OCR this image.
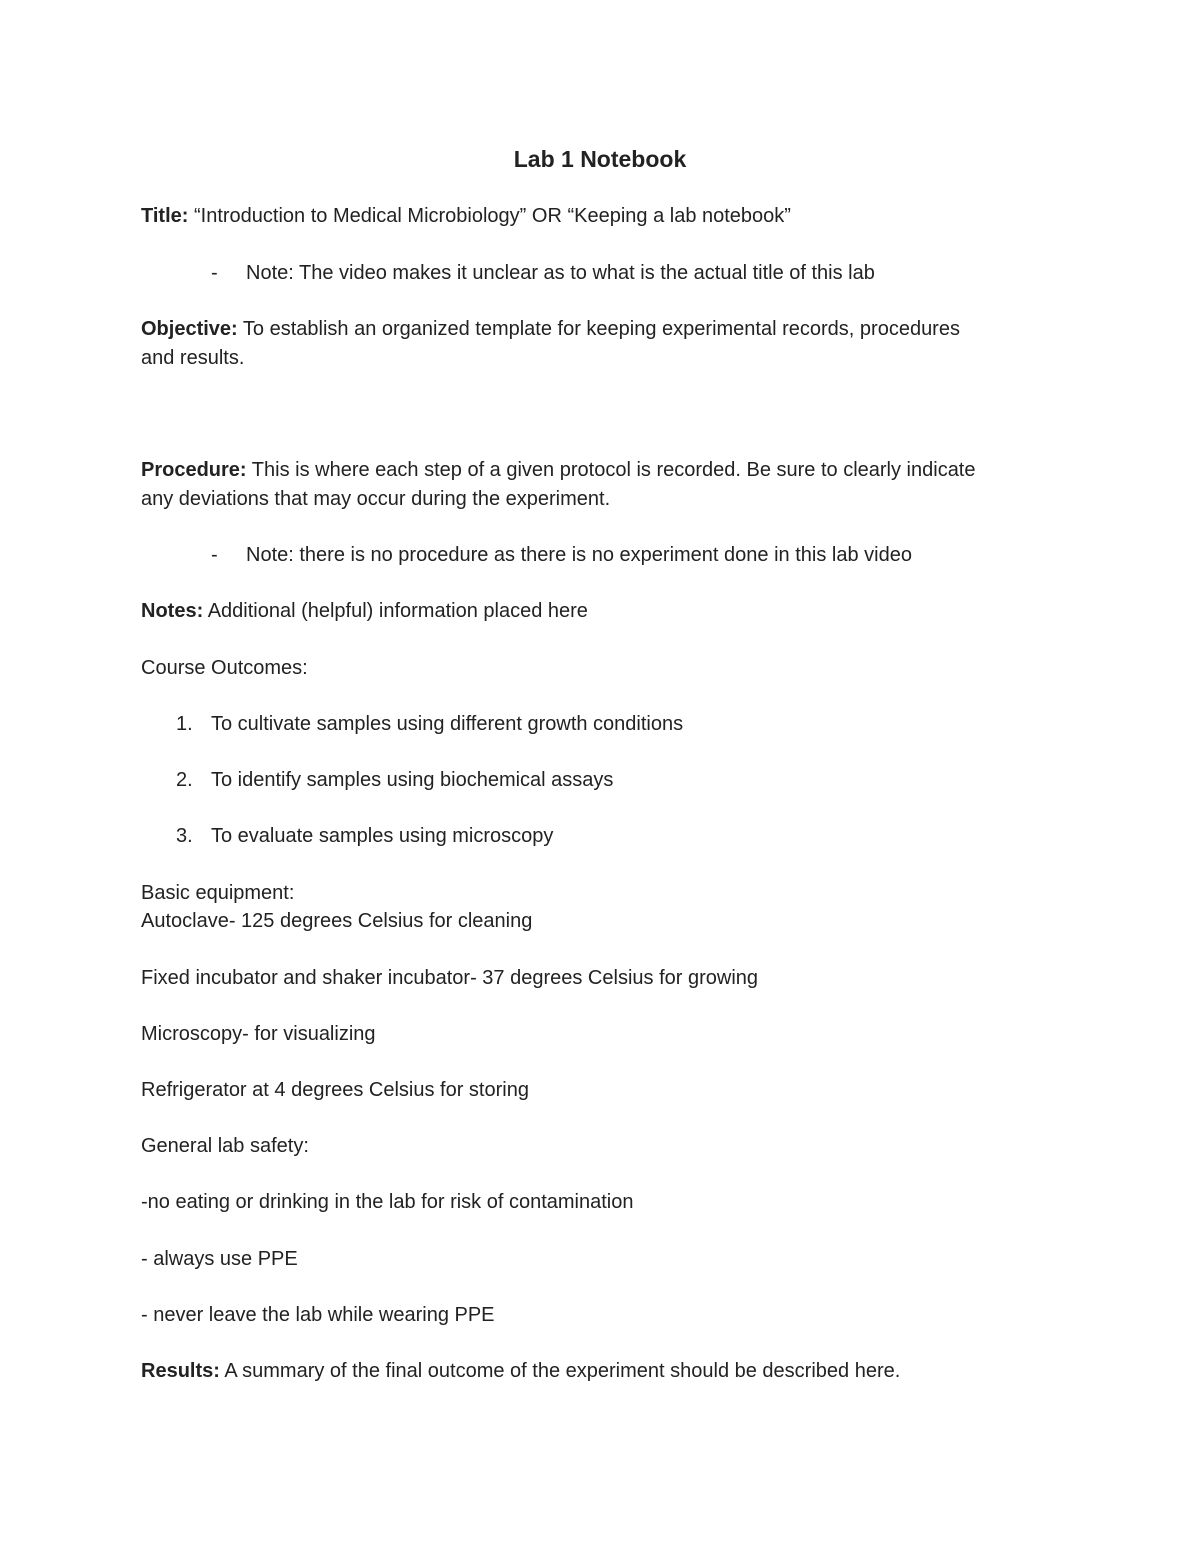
Lab 1 Notebook
Title: “Introduction to Medical Microbiology” OR “Keeping a lab notebook”
- Note: The video makes it unclear as to what is the actual title of this lab
Objective: To establish an organized template for keeping experimental records, procedures
and results.
Procedure: This is where each step of a given protocol is recorded. Be sure to clearly indicate
any deviations that may occur during the experiment.
- Note: there is no procedure as there is no experiment done in this lab video
Notes: Additional (helpful) information placed here
Course Outcomes:
1. To cultivate samples using different growth conditions
2. To identify samples using biochemical assays
3. To evaluate samples using microscopy
Basic equipment:
Autoclave- 125 degrees Celsius for cleaning
Fixed incubator and shaker incubator- 37 degrees Celsius for growing
Microscopy- for visualizing
Refrigerator at 4 degrees Celsius for storing
General lab safety:
-no eating or drinking in the lab for risk of contamination
- always use PPE
- never leave the lab while wearing PPE
Results: A summary of the final outcome of the experiment should be described here.
